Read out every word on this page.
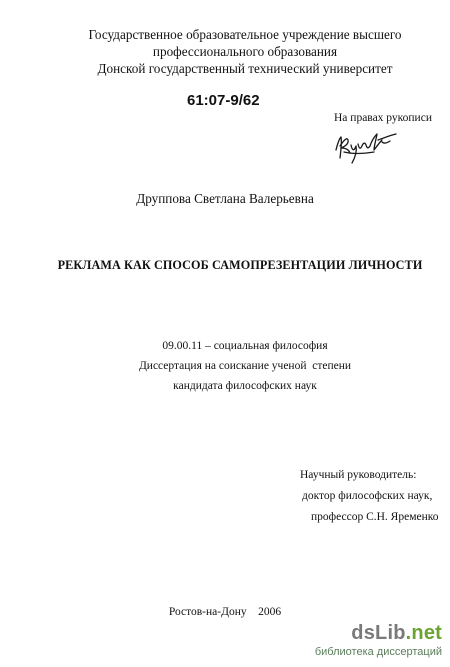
Государственное образовательное учреждение высшего
профессионального образования
Донской государственный технический университет
61:07-9/62
На правах рукописи
Друппова Светлана Валерьевна
РЕКЛАМА КАК СПОСОБ САМОПРЕЗЕНТАЦИИ ЛИЧНОСТИ
09.00.11 – социальная философия
Диссертация на соискание ученой  степени
кандидата философских наук
Научный руководитель:
доктор философских наук,
профессор С.Н. Яременко
Ростов-на-Дону    2006
dsLib.net
библиотека диссертаций
